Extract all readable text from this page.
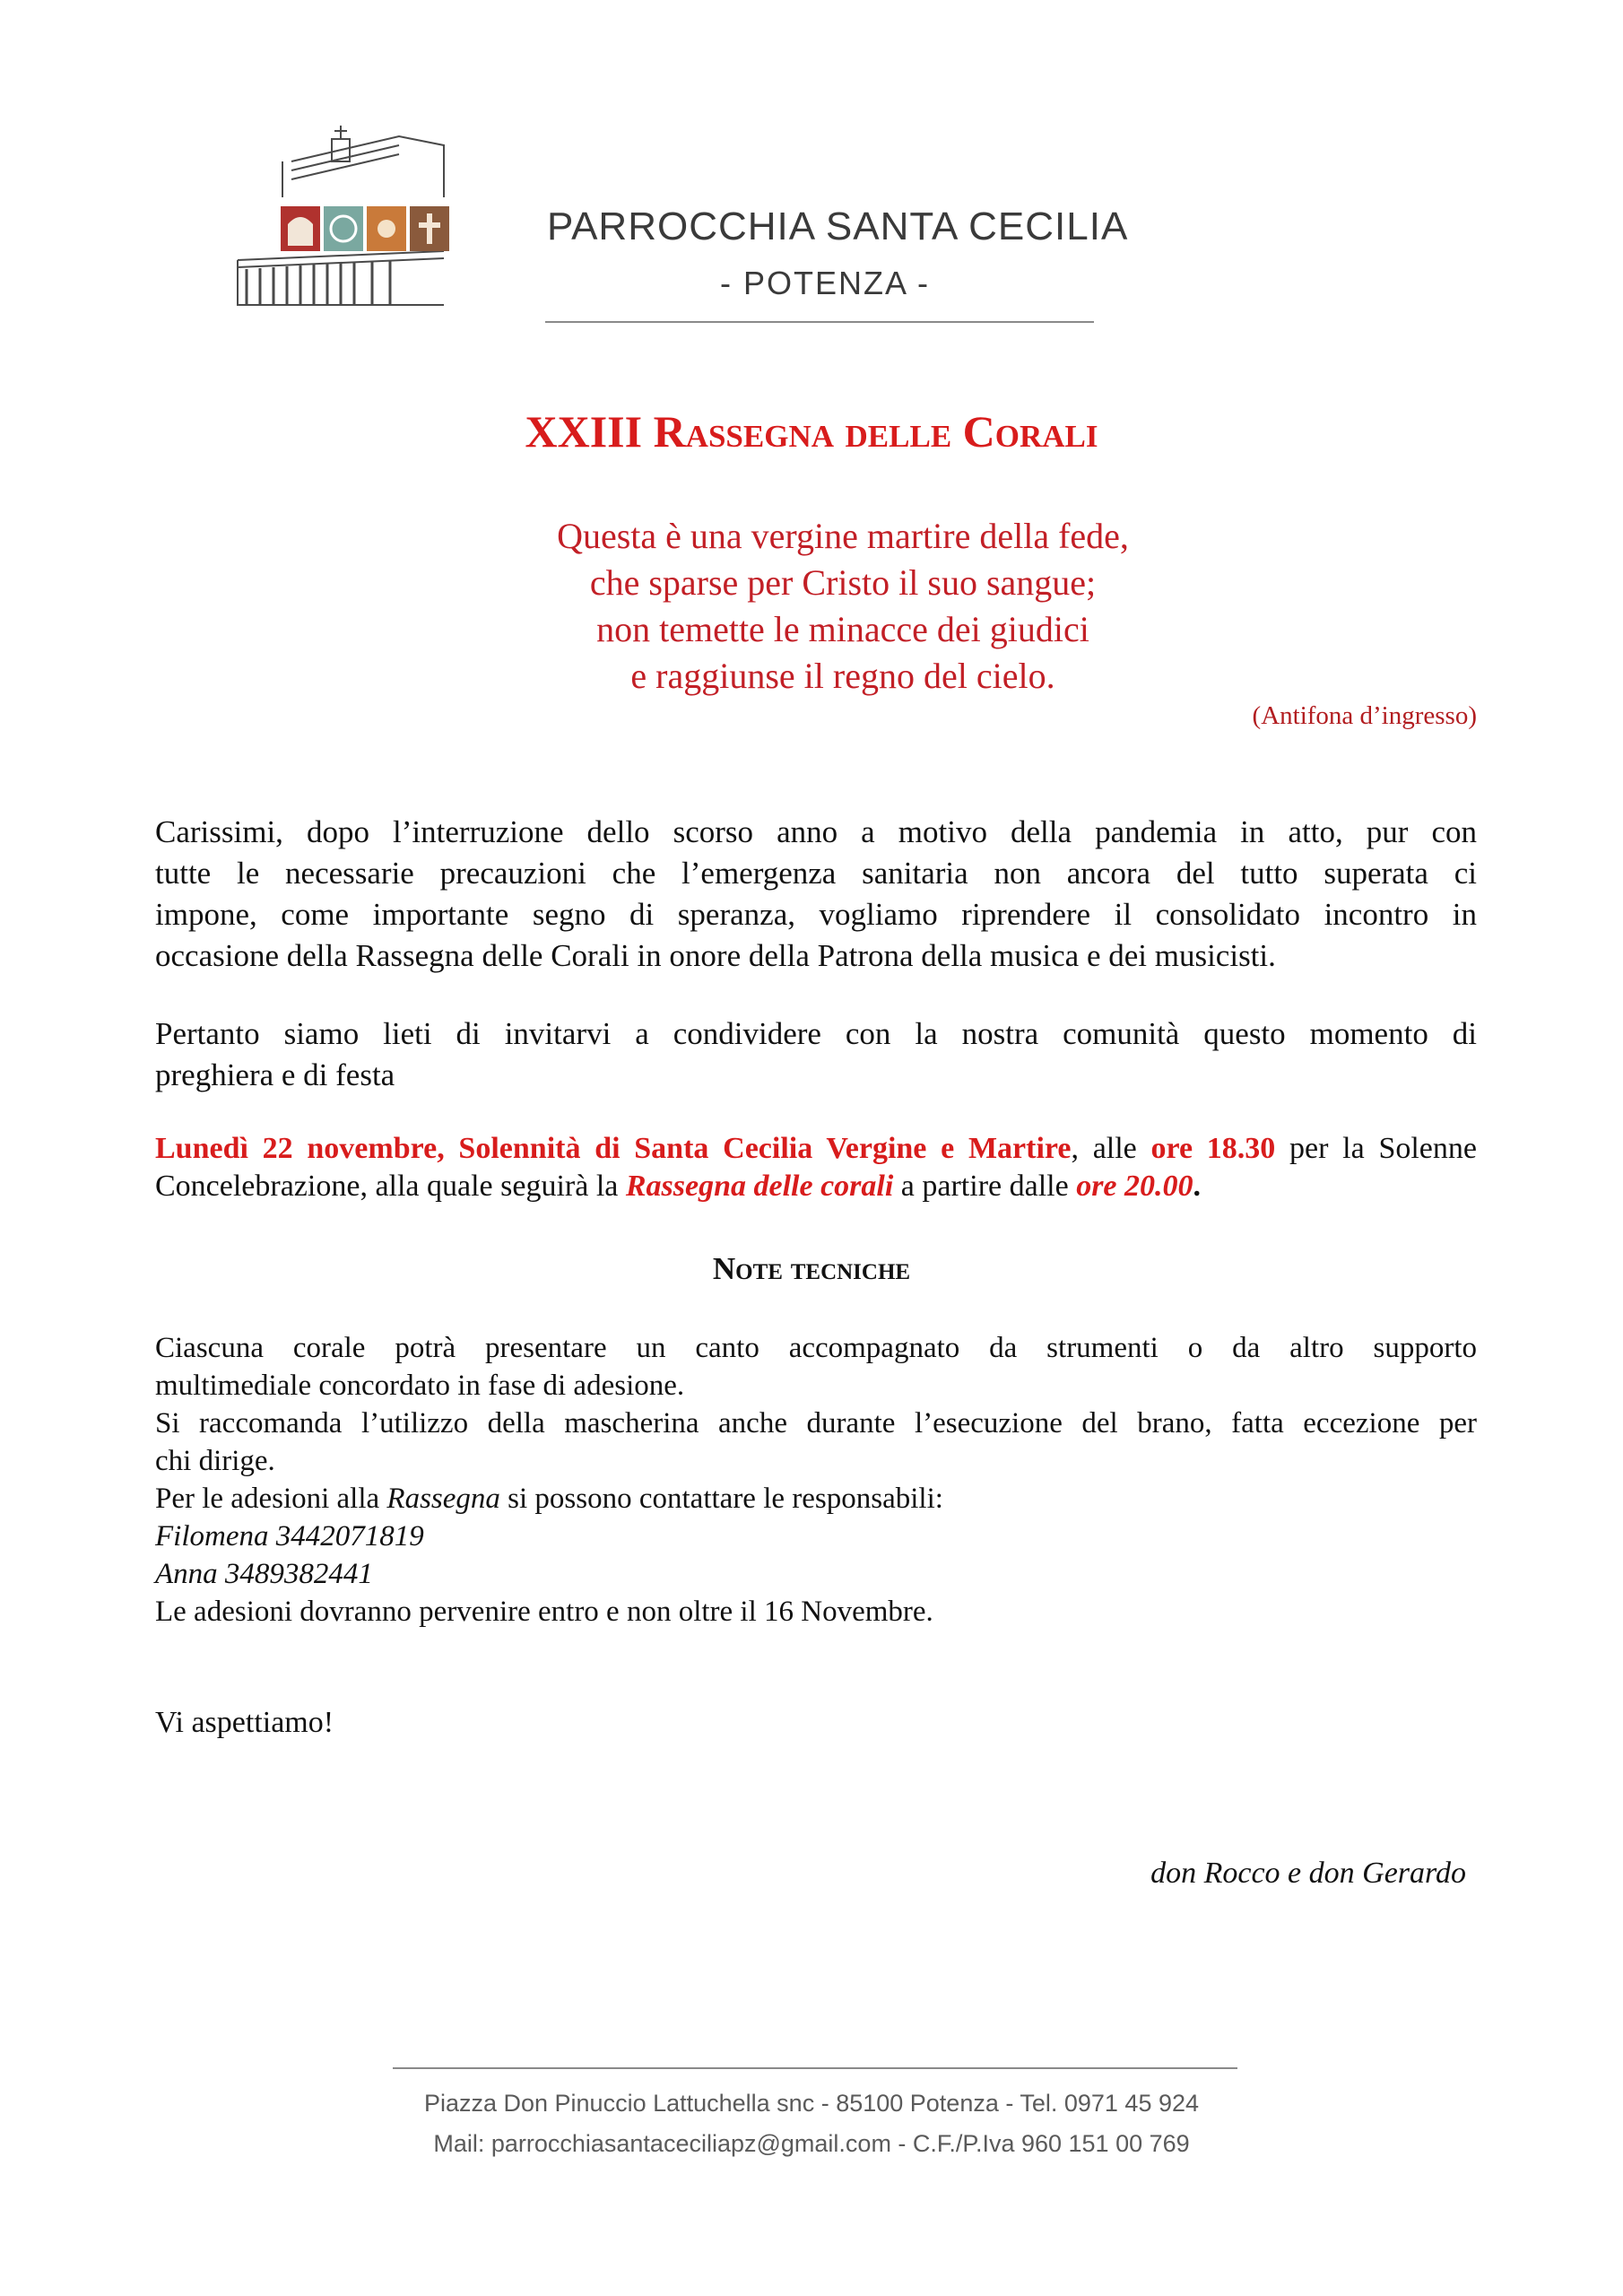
PARROCCHIA SANTA CECILIA
- POTENZA -
XXIII Rassegna delle Corali
Questa è una vergine martire della fede,
che sparse per Cristo il suo sangue;
non temette le minacce dei giudici
e raggiunse il regno del cielo.
(Antifona d’ingresso)
Carissimi, dopo l’interruzione dello scorso anno a motivo della pandemia in atto, pur con
tutte le necessarie precauzioni che l’emergenza sanitaria non ancora del tutto superata ci
impone, come importante segno di speranza, vogliamo riprendere il consolidato incontro in
occasione della Rassegna delle Corali in onore della Patrona della musica e dei musicisti.
Pertanto siamo lieti di invitarvi a condividere con la nostra comunità questo momento di
preghiera e di festa
Lunedì 22 novembre, Solennità di Santa Cecilia Vergine e Martire, alle ore 18.30 per la Solenne
Concelebrazione, alla quale seguirà la Rassegna delle corali a partire dalle ore 20.00.
Note tecniche
Ciascuna corale potrà presentare un canto accompagnato da strumenti o da altro supporto
multimediale concordato in fase di adesione.
Si raccomanda l’utilizzo della mascherina anche durante l’esecuzione del brano, fatta eccezione per
chi dirige.
Per le adesioni alla Rassegna si possono contattare le responsabili:
Filomena 3442071819
Anna 3489382441
Le adesioni dovranno pervenire entro e non oltre il 16 Novembre.
Vi aspettiamo!
don Rocco e don Gerardo
Piazza Don Pinuccio Lattuchella snc - 85100 Potenza - Tel. 0971 45 924
Mail: parrocchiasantaceciliapz@gmail.com - C.F./P.Iva 960 151 00 769
